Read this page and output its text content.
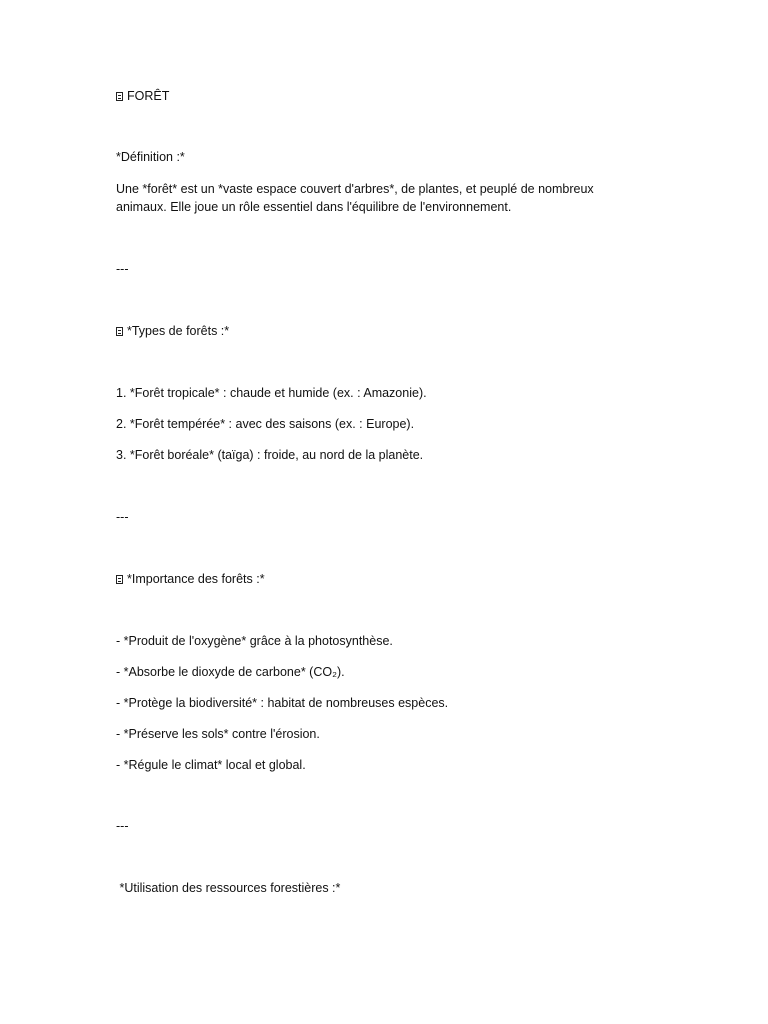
FORÊT
*Définition :*
Une *forêt* est un *vaste espace couvert d'arbres*, de plantes, et peuplé de nombreux animaux. Elle joue un rôle essentiel dans l'équilibre de l'environnement.
---
*Types de forêts :*
1. *Forêt tropicale* : chaude et humide (ex. : Amazonie).
2. *Forêt tempérée* : avec des saisons (ex. : Europe).
3. *Forêt boréale* (taïga) : froide, au nord de la planète.
---
*Importance des forêts :*
- *Produit de l'oxygène* grâce à la photosynthèse.
- *Absorbe le dioxyde de carbone* (CO₂).
- *Protège la biodiversité* : habitat de nombreuses espèces.
- *Préserve les sols* contre l'érosion.
- *Régule le climat* local et global.
---
*Utilisation des ressources forestières :*
